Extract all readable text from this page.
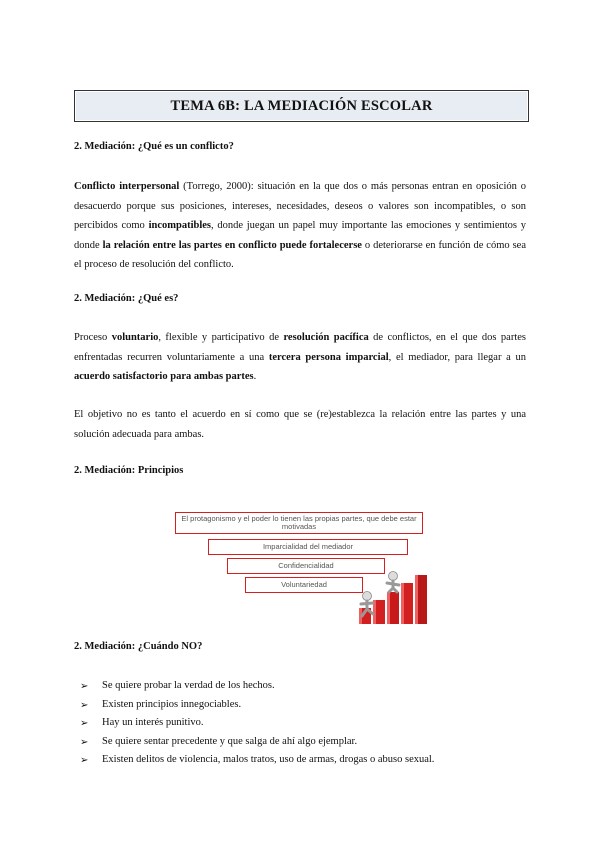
TEMA 6B: LA MEDIACIÓN ESCOLAR
2. Mediación: ¿Qué es un conflicto?
Conflicto interpersonal (Torrego, 2000): situación en la que dos o más personas entran en oposición o desacuerdo porque sus posiciones, intereses, necesidades, deseos o valores son incompatibles, o son percibidos como incompatibles, donde juegan un papel muy importante las emociones y sentimientos y donde la relación entre las partes en conflicto puede fortalecerse o deteriorarse en función de cómo sea el proceso de resolución del conflicto.
2. Mediación: ¿Qué es?
Proceso voluntario, flexible y participativo de resolución pacífica de conflictos, en el que dos partes enfrentadas recurren voluntariamente a una tercera persona imparcial, el mediador, para llegar a un acuerdo satisfactorio para ambas partes.
El objetivo no es tanto el acuerdo en sí como que se (re)establezca la relación entre las partes y una solución adecuada para ambas.
2. Mediación: Principios
El protagonismo y el poder lo tienen las propias partes, que debe estar motivadas
Imparcialidad del mediador
Confidencialidad
Voluntariedad
2. Mediación: ¿Cuándo NO?
➢	Se quiere probar la verdad de los hechos.
➢	Existen principios innegociables.
➢	Hay un interés punitivo.
➢	Se quiere sentar precedente y que salga de ahí algo ejemplar.
➢	Existen delitos de violencia, malos tratos, uso de armas, drogas o abuso sexual.
